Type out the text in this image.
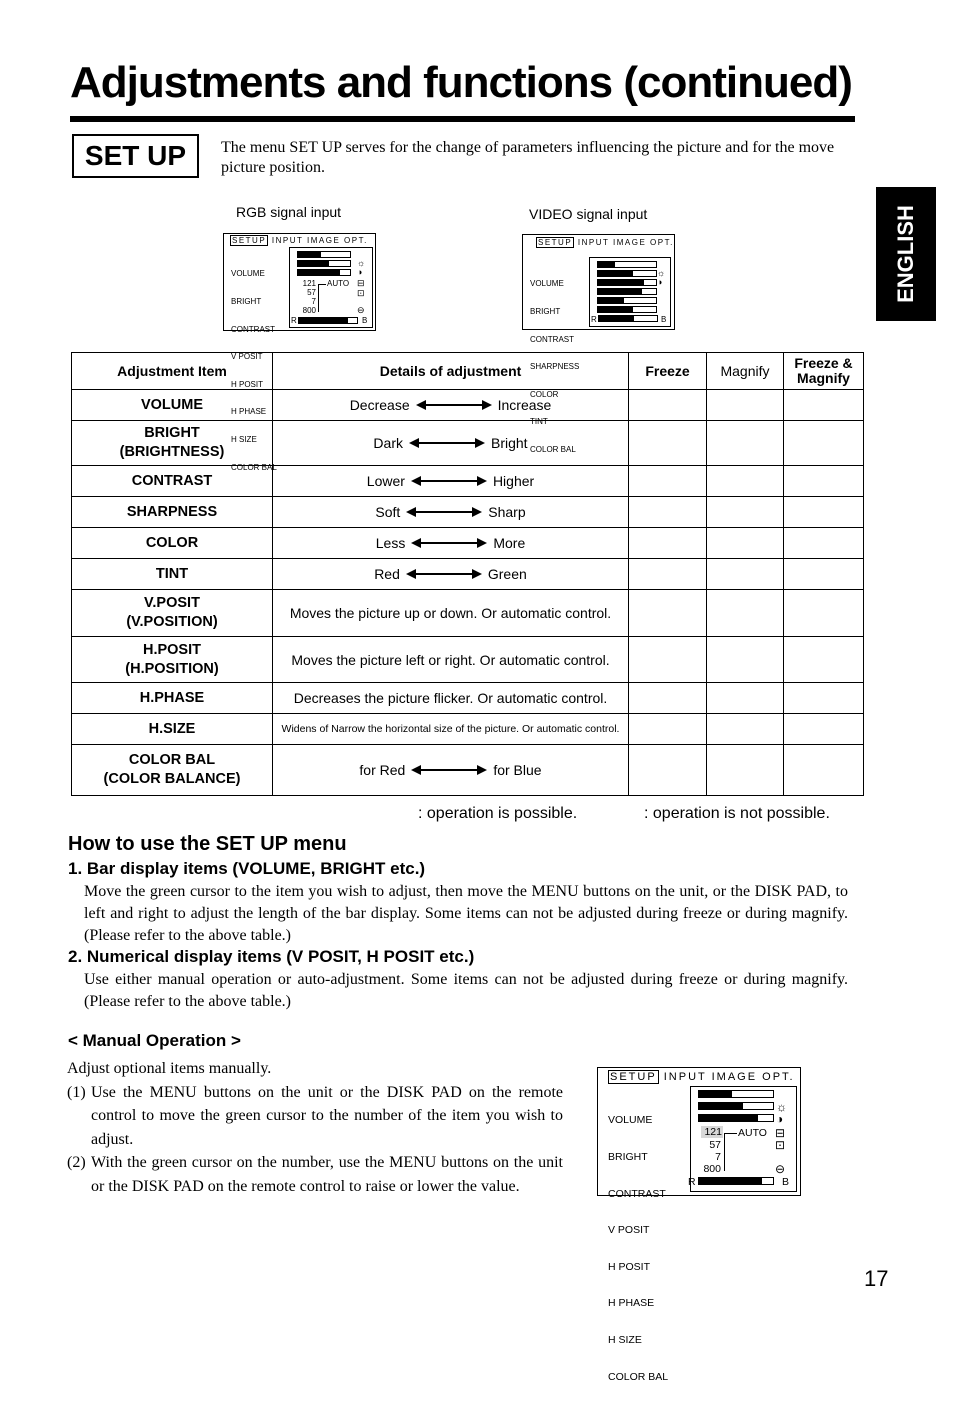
Adjustments and functions (continued)
SET UP	The menu SET UP serves for the change of parameters influencing the picture and for the move picture position.
ENGLISH
RGB signal input	VIDEO signal input
SETUP INPUT IMAGE OPT.

VOLUME

BRIGHT

CONTRAST

V POSIT

H POSIT

H PHASE

H SIZE

COLOR BAL

☼
◑
121 AUTO ⊟
57	⊡
7
800	⊖
R	B
SETUP INPUT IMAGE OPT.

VOLUME

BRIGHT

CONTRAST

SHARPNESS

COLOR

TINT

COLOR BAL

☼
◑
R	B
Adjustment Item	Details of adjustment	Freeze	Magnify	Freeze & Magnify
VOLUME	Decrease Increase			

BRIGHT
(BRIGHTNESS)	Dark Bright			

CONTRAST	Lower Higher			

SHARPNESS	Soft Sharp			

COLOR	Less More			

TINT	Red Green			

V.POSIT
(V.POSITION)	Moves the picture up or down. Or automatic control.			
H.POSIT
(H.POSITION)	Moves the picture left or right. Or automatic control.			
H.PHASE	Decreases the picture flicker. Or automatic control.			
H.SIZE	Widens of Narrow the horizontal size of the picture. Or automatic control.			
COLOR BAL
(COLOR BALANCE)	for Red for Blue			

: operation is possible.	: operation is not possible.
How to use the SET UP menu
1. Bar display items (VOLUME, BRIGHT etc.)
Move the green cursor to the item you wish to adjust, then move the MENU buttons on the unit, or the DISK PAD, to left and right to adjust the length of the bar display. Some items can not be adjusted during freeze or during magnify. (Please refer to the above table.)
2. Numerical display items (V POSIT, H POSIT etc.)
Use either manual operation or auto-adjustment. Some items can not be adjusted during freeze or during magnify. (Please refer to the above table.)
< Manual Operation >
Adjust optional items manually.
(1) Use the MENU buttons on the unit or the DISK PAD on the remote control to move the green cursor to the number of the item you wish to adjust.
(2) With the green cursor on the number, use the MENU buttons on the unit or the DISK PAD on the remote control to raise or lower the value.
SETUP INPUT IMAGE OPT.

VOLUME

BRIGHT

CONTRAST

V POSIT

H POSIT

H PHASE

H SIZE

COLOR BAL

☼
◑
121 AUTO ⊟
57	⊡
7
800	⊖
R	B
17
